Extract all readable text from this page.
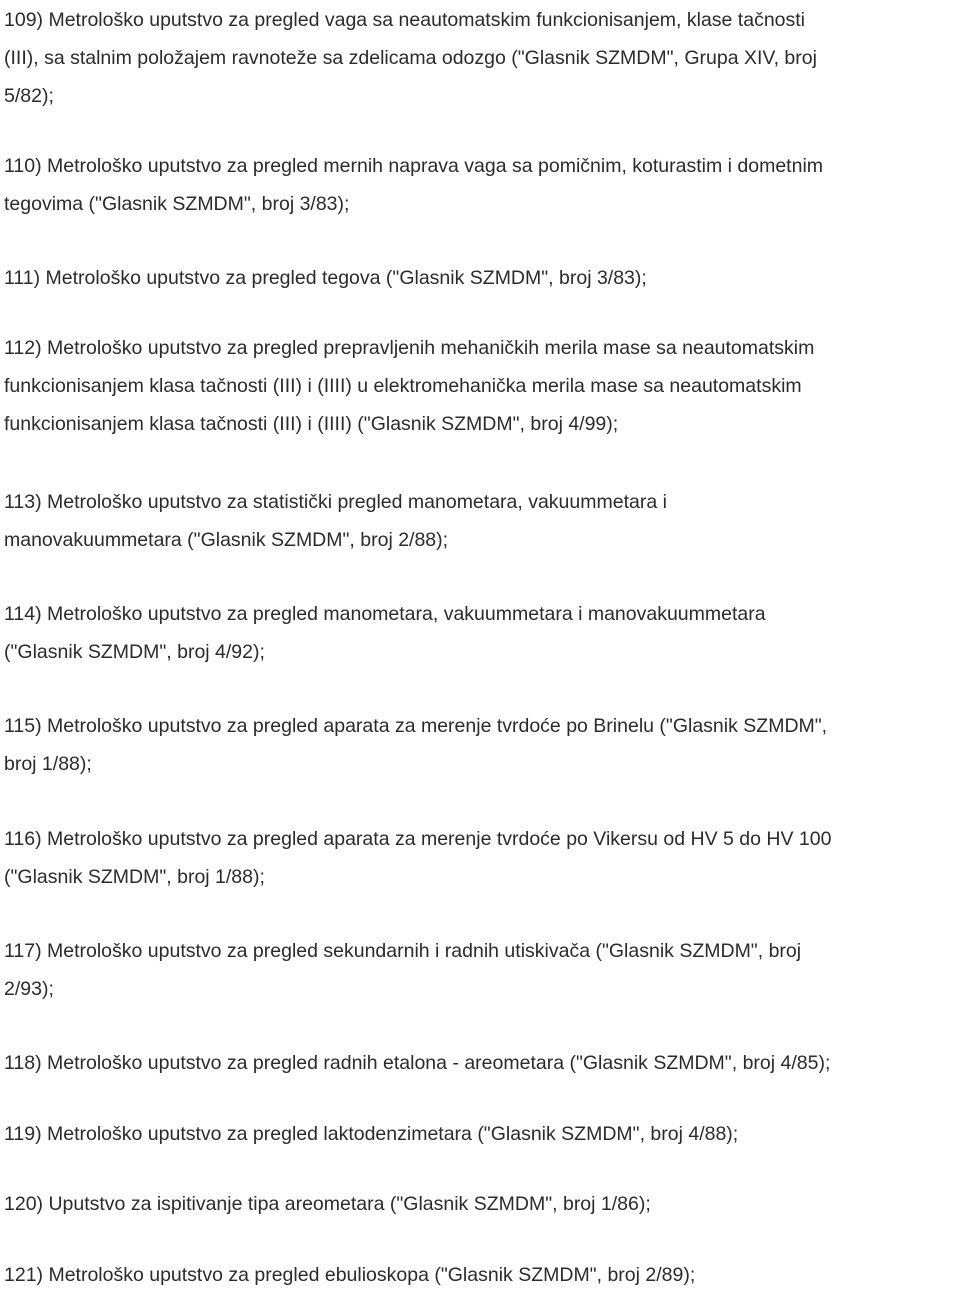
109) Metrološko uputstvo za pregled vaga sa neautomatskim funkcionisanjem, klase tačnosti
(III), sa stalnim položajem ravnoteže sa zdelicama odozgo ("Glasnik SZMDM", Grupa XIV, broj
5/82);

110) Metrološko uputstvo za pregled mernih naprava vaga sa pomičnim, koturastim i dometnim
tegovima ("Glasnik SZMDM", broj 3/83);

111) Metrološko uputstvo za pregled tegova ("Glasnik SZMDM", broj 3/83);

112) Metrološko uputstvo za pregled prepravljenih mehaničkih merila mase sa neautomatskim
funkcionisanjem klasa tačnosti (III) i (IIII) u elektromehanička merila mase sa neautomatskim
funkcionisanjem klasa tačnosti (III) i (IIII) ("Glasnik SZMDM", broj 4/99);

113) Metrološko uputstvo za statistički pregled manometara, vakuummetara i
manovakuummetara ("Glasnik SZMDM", broj 2/88);

114) Metrološko uputstvo za pregled manometara, vakuummetara i manovakuummetara
("Glasnik SZMDM", broj 4/92);

115) Metrološko uputstvo za pregled aparata za merenje tvrdoće po Brinelu ("Glasnik SZMDM",
broj 1/88);

116) Metrološko uputstvo za pregled aparata za merenje tvrdoće po Vikersu od HV 5 do HV 100
("Glasnik SZMDM", broj 1/88);

117) Metrološko uputstvo za pregled sekundarnih i radnih utiskivača ("Glasnik SZMDM", broj
2/93);

118) Metrološko uputstvo za pregled radnih etalona - areometara ("Glasnik SZMDM", broj 4/85);

119) Metrološko uputstvo za pregled laktodenzimetara ("Glasnik SZMDM", broj 4/88);

120) Uputstvo za ispitivanje tipa areometara ("Glasnik SZMDM", broj 1/86);

121) Metrološko uputstvo za pregled ebulioskopa ("Glasnik SZMDM", broj 2/89);
